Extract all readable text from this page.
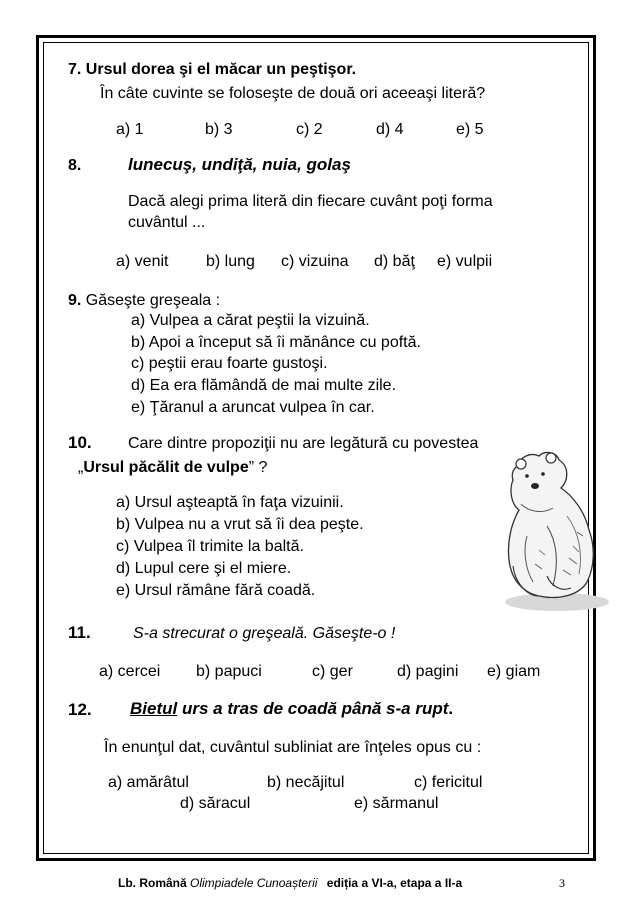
7. Ursul dorea şi el măcar un peştişor.
În câte cuvinte se foloseşte de două ori aceeaşi literă?
a) 1	b) 3	c) 2	d) 4	e) 5
8.	lunecuş, undiţă, nuia, golaş
Dacă alegi prima literă din fiecare cuvânt poţi forma
cuvântul ...
a) venit b) lung c) vizuina d) băţ e) vulpii
9. Găseşte greşeala :
a) Vulpea a cărat peştii la vizuină.
b) Apoi a început să îi mănânce cu poftă.
c) peştii erau foarte gustoşi.
d) Ea era flămândă de mai multe zile.
e) Ţăranul a aruncat vulpea în car.
10. Care dintre propoziţii nu are legătură cu povestea
„Ursul păcălit de vulpe” ?
a) Ursul aşteaptă în faţa vizuinii.
b) Vulpea nu a vrut să îi dea peşte.
c) Vulpea îl trimite la baltă.
d) Lupul cere şi el miere.
e) Ursul rămâne fără coadă.
11.	S-a strecurat o greşeală. Găseşte-o !
a) cercei b) papuci	c) ger	d) pagini e) giam
12. Bietul urs a tras de coadă până s-a rupt.
În enunţul dat, cuvântul subliniat are înţeles opus cu :
a) amărâtul	b) necăjitul	c) fericitul
d) săracul	e) sărmanul
Lb. Română Olimpiadele Cunoașterii ediția a VI-a, etapa a II-a	3
